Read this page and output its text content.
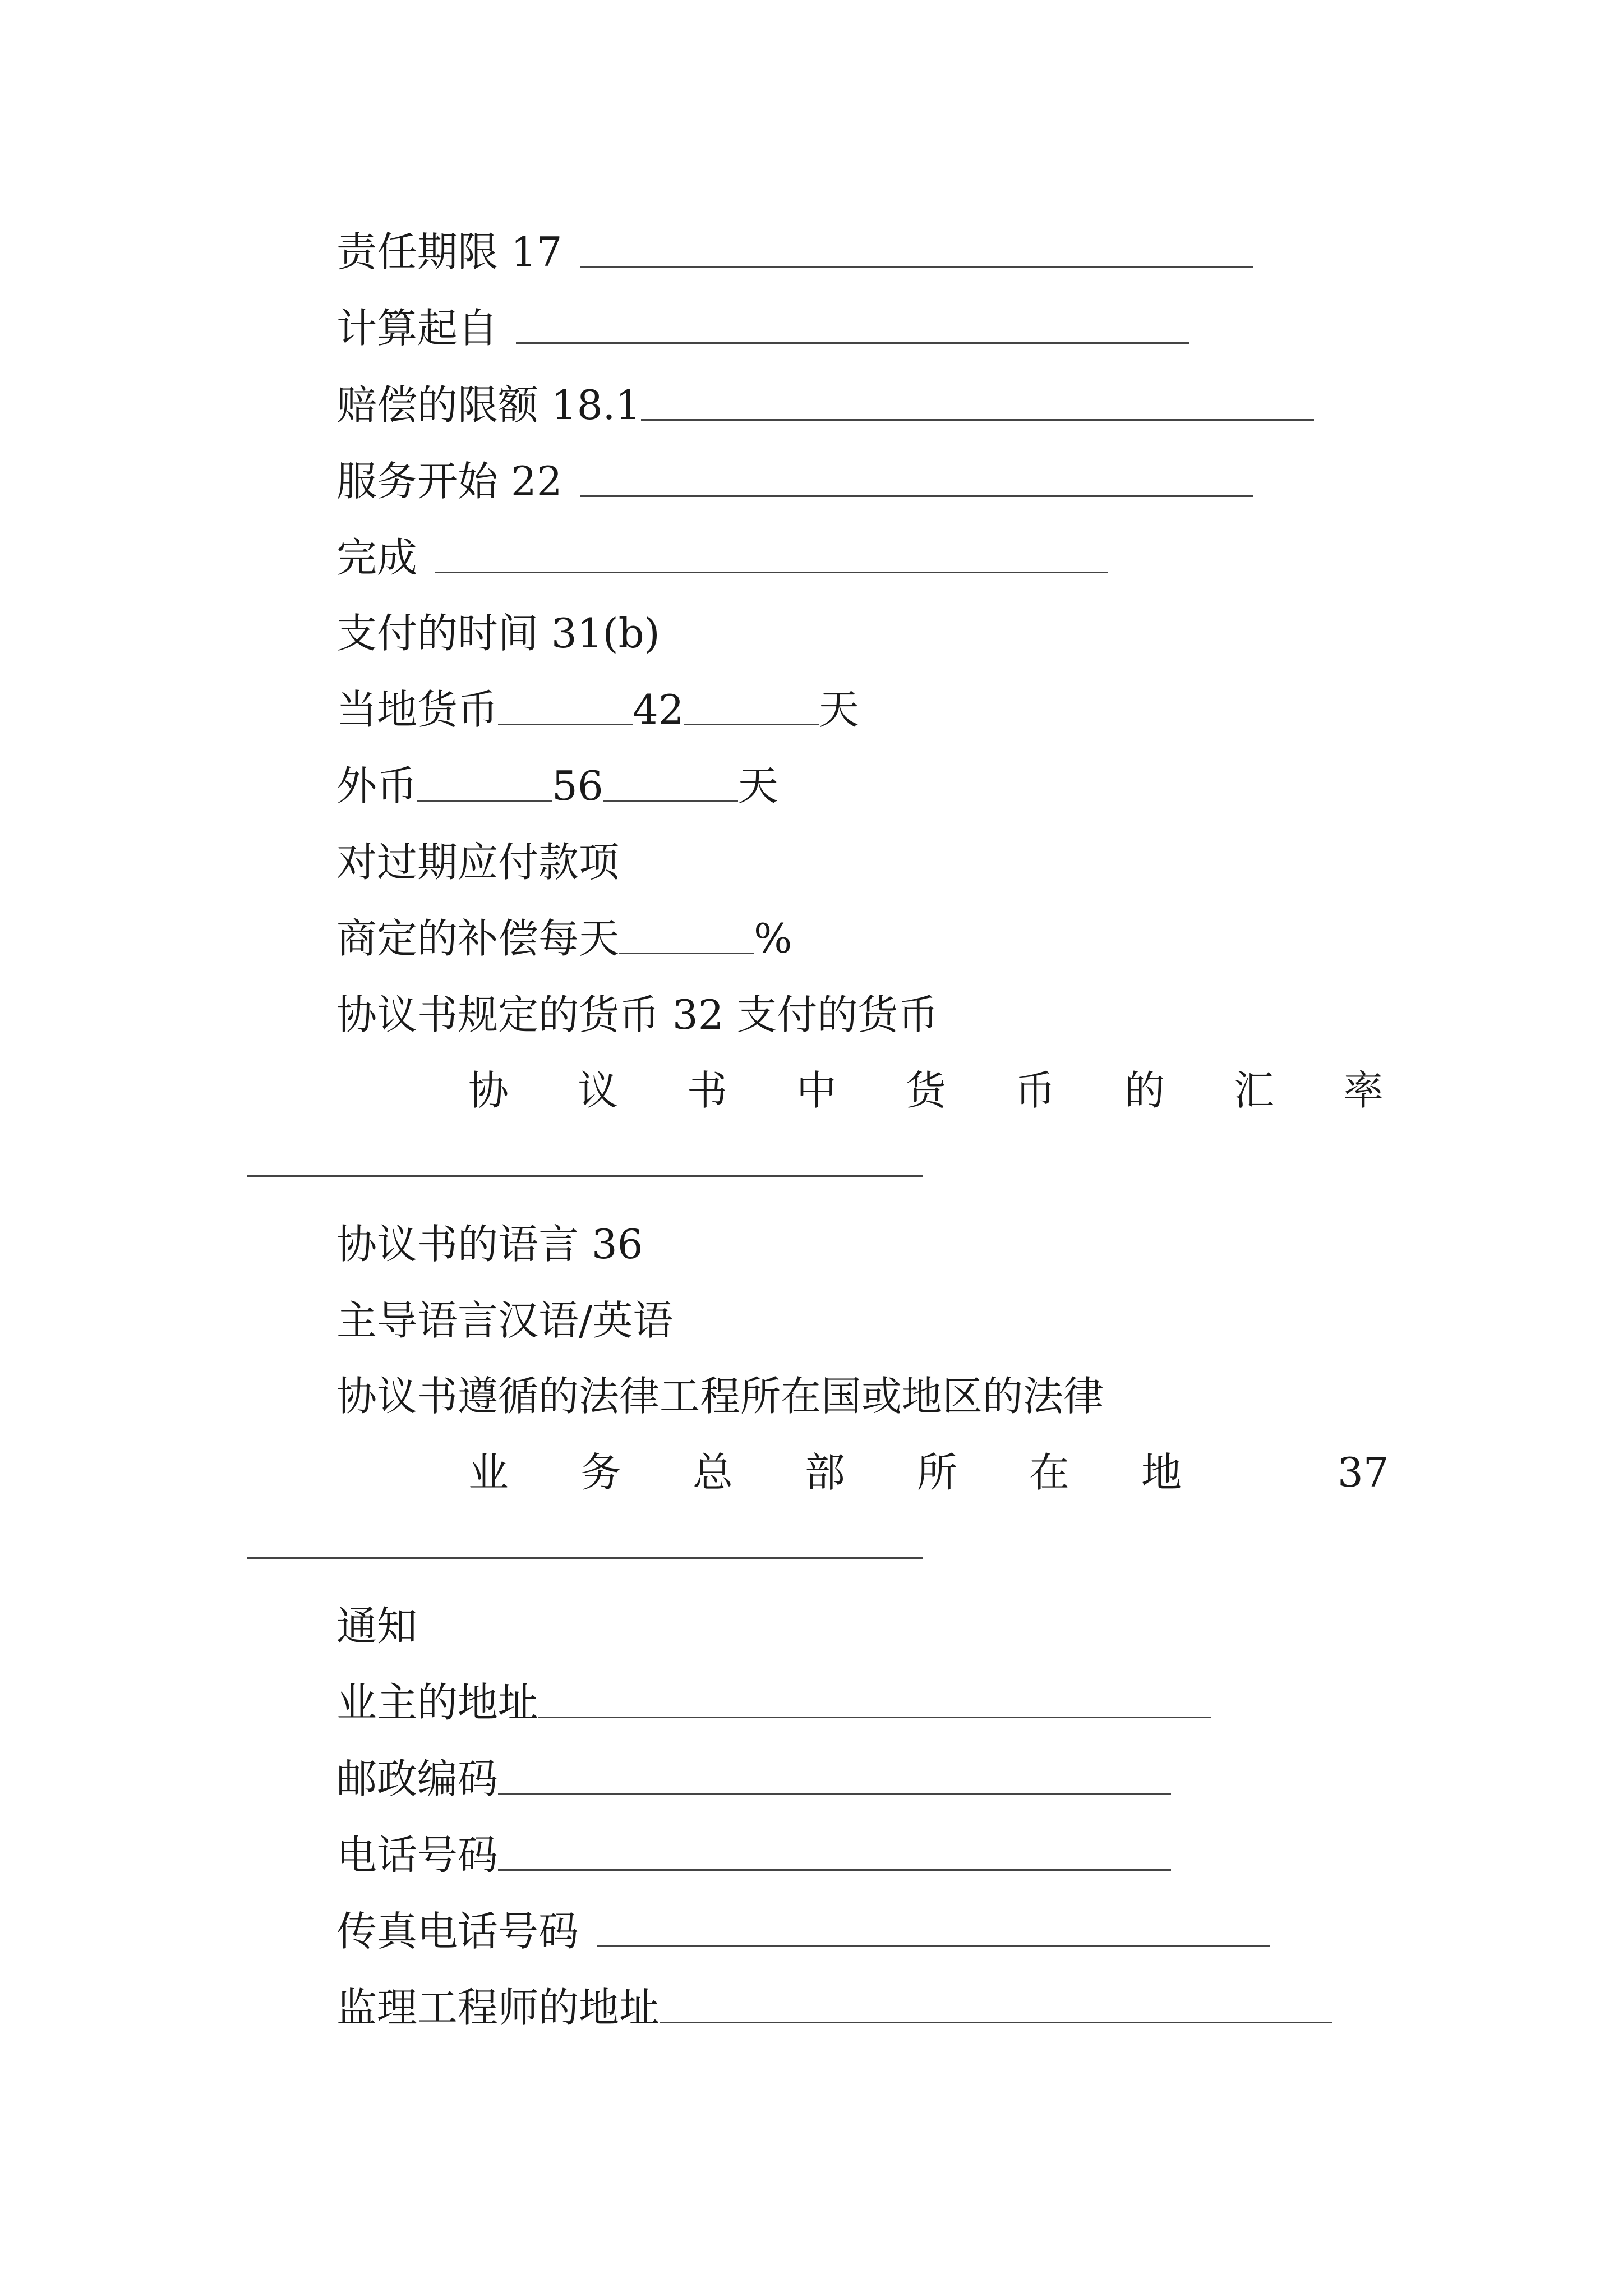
责任期限 17
计算起自
赔偿的限额 18.1
服务开始 22
完成
支付的时间 31(b)
当地货币	42	天
外币	56	天
对过期应付款项
商定的补偿每天	%
协议书规定的货币 32 支付的货币
协 议 书 中 货 币 的 汇 率
协议书的语言 36
主导语言汉语/英语
协议书遵循的法律工程所在国或地区的法律
业 务 总 部 所 在 地	37
通知
业主的地址
邮政编码
电话号码
传真电话号码
监理工程师的地址
